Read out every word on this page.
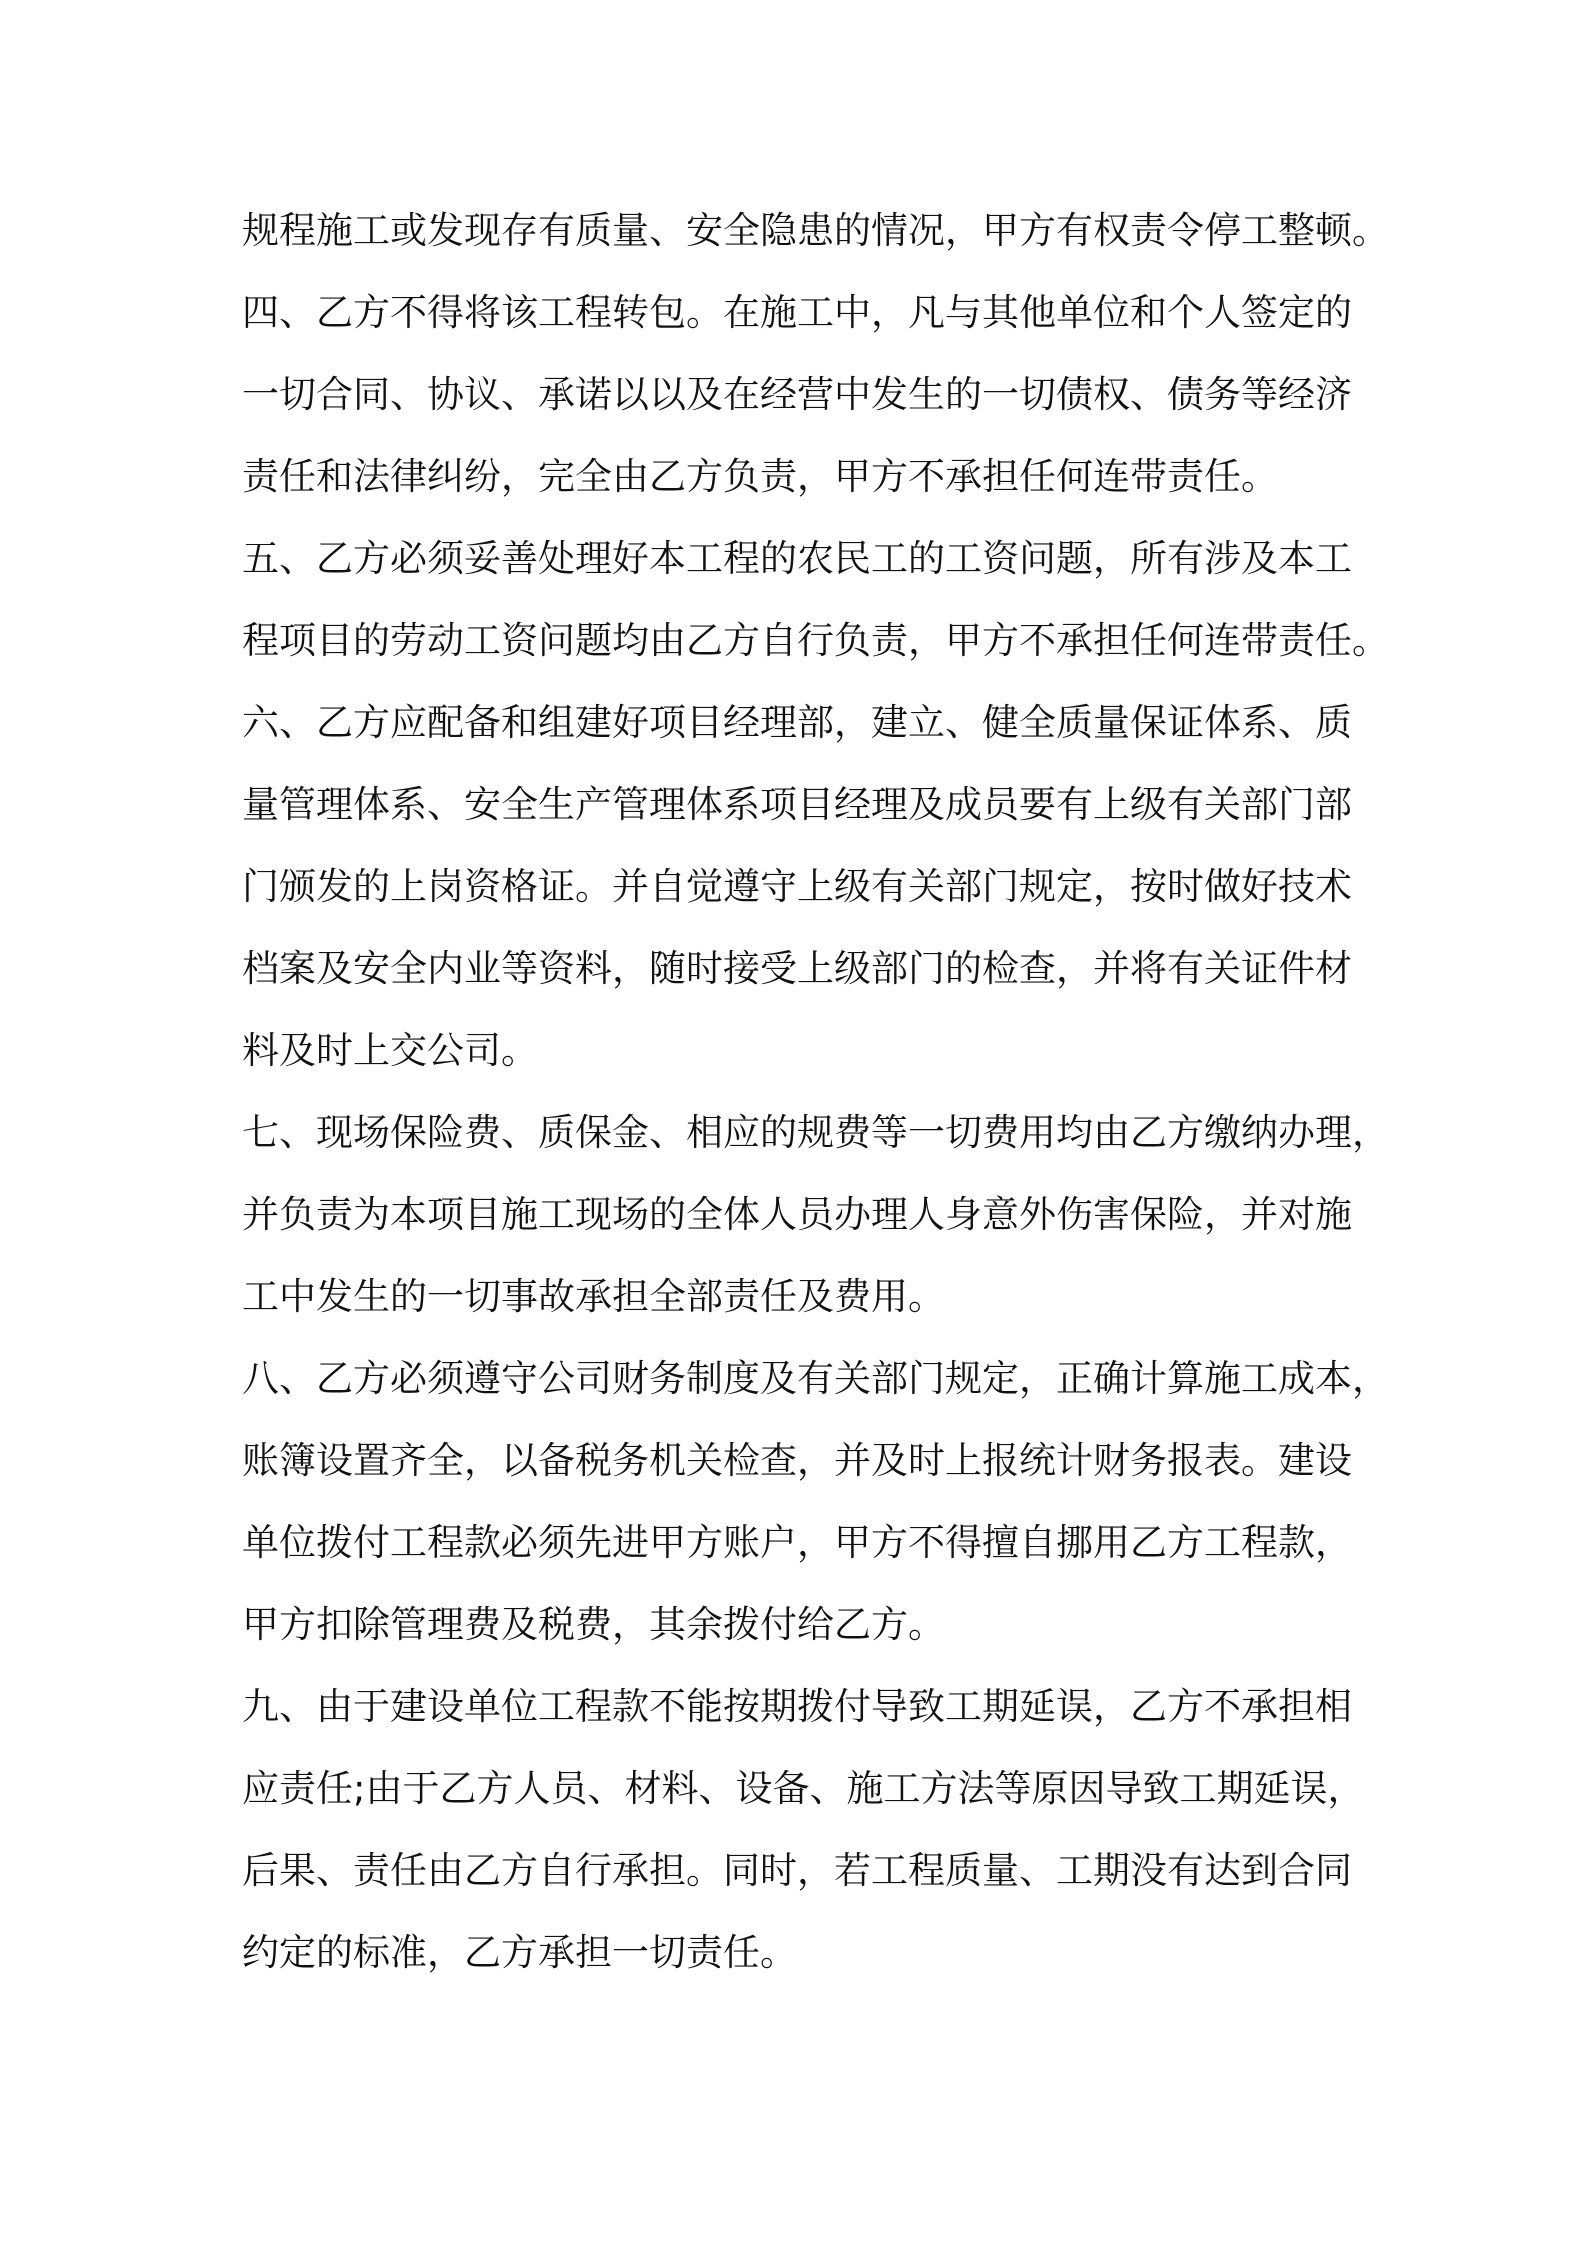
规程施工或发现存有质量、安全隐患的情况，甲方有权责令停工整顿。
四、乙方不得将该工程转包。在施工中，凡与其他单位和个人签定的
一切合同、协议、承诺以以及在经营中发生的一切债权、债务等经济
责任和法律纠纷，完全由乙方负责，甲方不承担任何连带责任。
五、乙方必须妥善处理好本工程的农民工的工资问题，所有涉及本工
程项目的劳动工资问题均由乙方自行负责，甲方不承担任何连带责任。
六、乙方应配备和组建好项目经理部，建立、健全质量保证体系、质
量管理体系、安全生产管理体系项目经理及成员要有上级有关部门部
门颁发的上岗资格证。并自觉遵守上级有关部门规定，按时做好技术
档案及安全内业等资料，随时接受上级部门的检查，并将有关证件材
料及时上交公司。
七、现场保险费、质保金、相应的规费等一切费用均由乙方缴纳办理，
并负责为本项目施工现场的全体人员办理人身意外伤害保险，并对施
工中发生的一切事故承担全部责任及费用。
八、乙方必须遵守公司财务制度及有关部门规定，正确计算施工成本，
账簿设置齐全，以备税务机关检查，并及时上报统计财务报表。建设
单位拨付工程款必须先进甲方账户，甲方不得擅自挪用乙方工程款，
甲方扣除管理费及税费，其余拨付给乙方。
九、由于建设单位工程款不能按期拨付导致工期延误，乙方不承担相
应责任;由于乙方人员、材料、设备、施工方法等原因导致工期延误，
后果、责任由乙方自行承担。同时，若工程质量、工期没有达到合同
约定的标准，乙方承担一切责任。
